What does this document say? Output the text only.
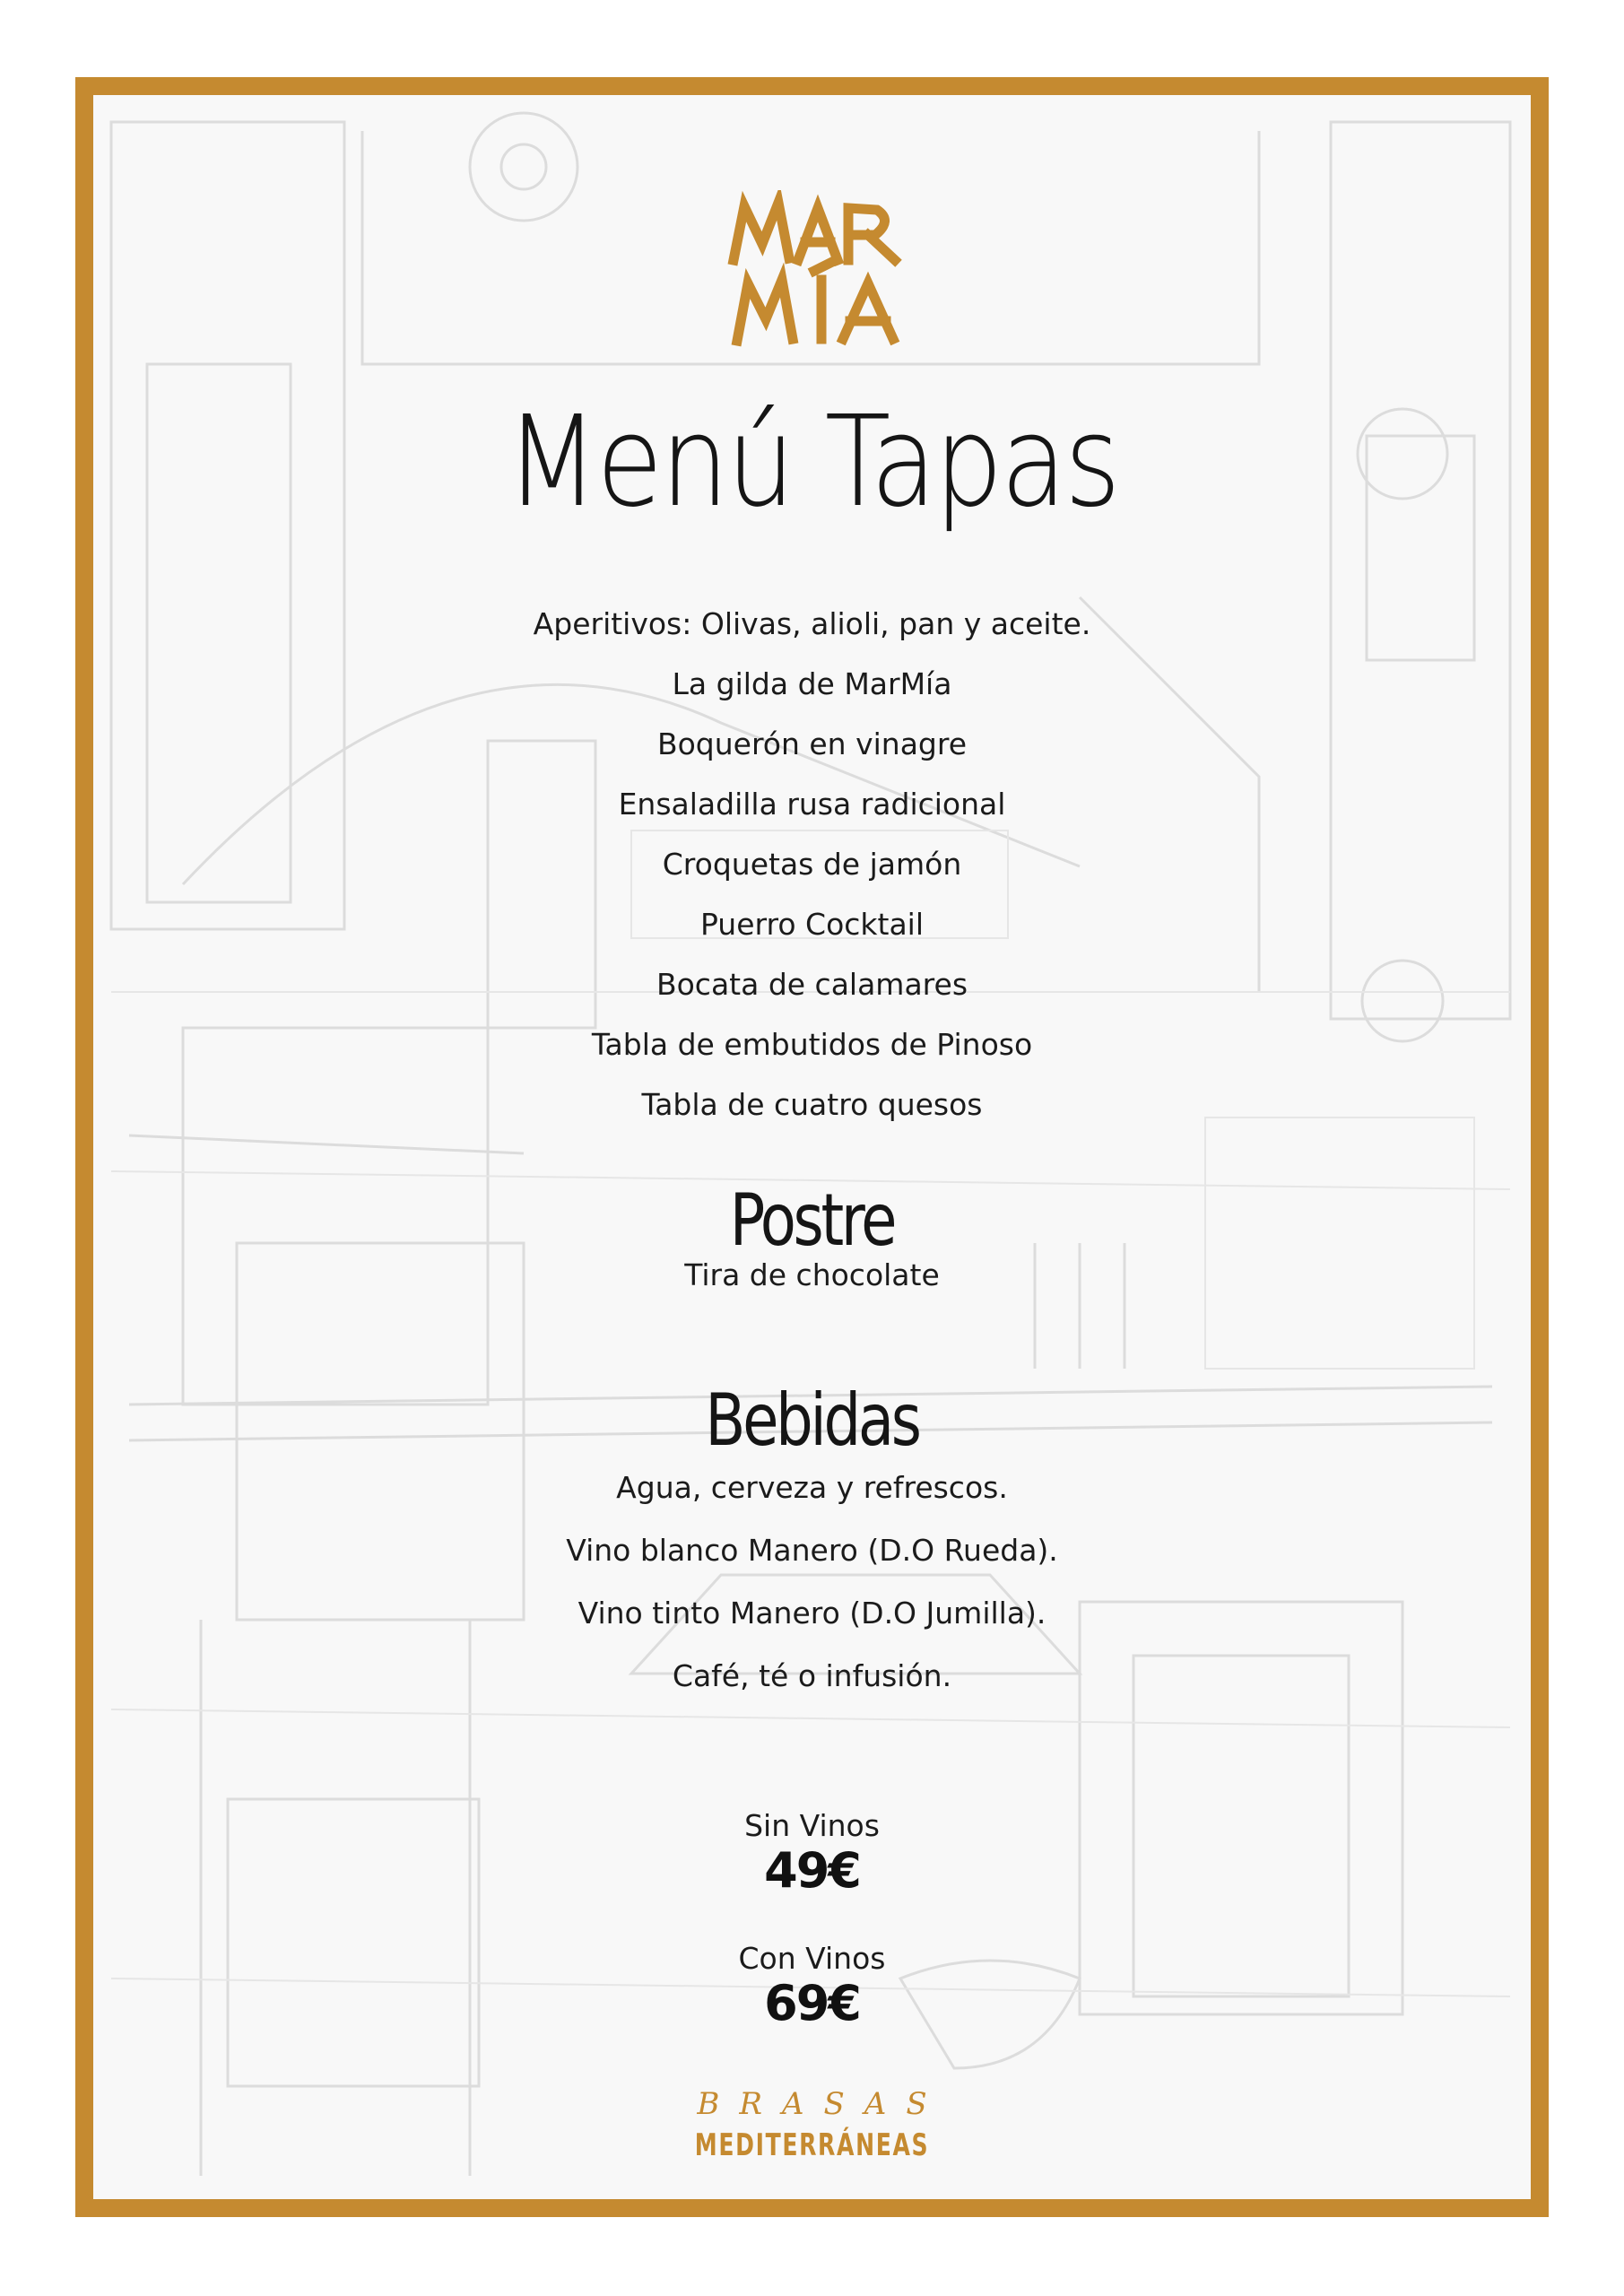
Menú Tapas
Aperitivos: Olivas, alioli, pan y aceite.
La gilda de MarMía
Boquerón en vinagre
Ensaladilla rusa radicional
Croquetas de jamón
Puerro Cocktail
Bocata de calamares
Tabla de embutidos de Pinoso
Tabla de cuatro quesos
Postre
Tira de chocolate
Bebidas
Agua, cerveza y refrescos.
Vino blanco Manero (D.O Rueda).
Vino tinto Manero (D.O Jumilla).
Café, té o infusión.
Sin Vinos
49€
Con Vinos
69€
BRASAS
MEDITERRÁNEAS
